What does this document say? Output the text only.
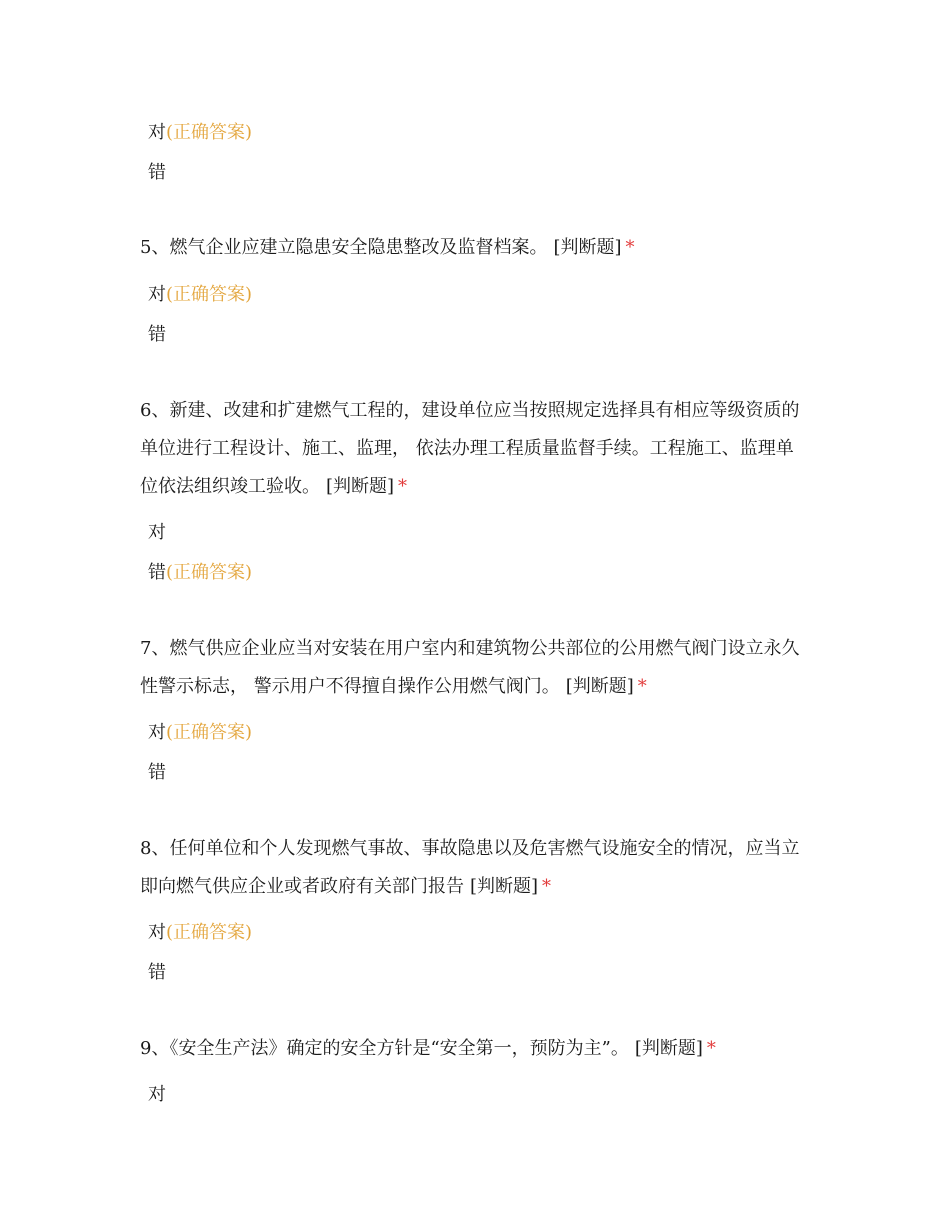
对(正确答案)
错

5、燃气企业应建立隐患安全隐患整改及监督档案。 [判断题] *

对(正确答案)
错

6、新建、改建和扩建燃气工程的，建设单位应当按照规定选择具有相应等级资质的单位进行工程设计、施工、监理， 依法办理工程质量监督手续。工程施工、监理单位依法组织竣工验收。 [判断题] *

对
错(正确答案)

7、燃气供应企业应当对安装在用户室内和建筑物公共部位的公用燃气阀门设立永久性警示标志， 警示用户不得擅自操作公用燃气阀门。 [判断题] *

对(正确答案)
错

8、任何单位和个人发现燃气事故、事故隐患以及危害燃气设施安全的情况，应当立即向燃气供应企业或者政府有关部门报告 [判断题] *

对(正确答案)
错

9、《安全生产法》确定的安全方针是“安全第一，预防为主”。 [判断题] *

对
